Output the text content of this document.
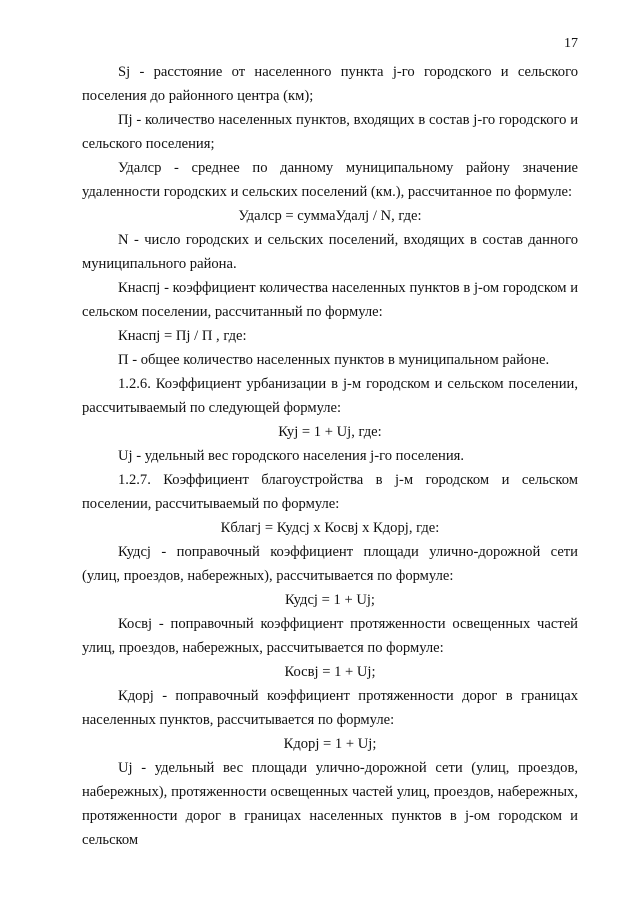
17

Sj - расстояние от населенного пункта j-го городского и сельского поселения до районного центра (км);

Пj - количество населенных пунктов, входящих в состав j-го городского и сельского поселения;

Удалср - среднее по данному муниципальному району значение удаленности городских и сельских поселений (км.), рассчитанное по формуле:

Удалср = суммаУдалj / N, где:

N - число городских и сельских поселений, входящих в состав данного муниципального района.

Кнаспj - коэффициент количества населенных пунктов в j-ом городском и сельском поселении, рассчитанный по формуле:

Кнаспj = Пj / П , где:

П - общее количество населенных пунктов в муниципальном районе.

1.2.6. Коэффициент урбанизации в j-м городском и сельском поселении, рассчитываемый по следующей формуле:

Куj = 1 + Uj, где:

Uj - удельный вес городского населения j-го поселения.

1.2.7. Коэффициент благоустройства в j-м городском и сельском поселении, рассчитываемый по формуле:

Кблагj = Кудсj x Косвj x Кдорj, где:

Кудсj - поправочный коэффициент площади улично-дорожной сети (улиц, проездов, набережных), рассчитывается по формуле:

Кудсj = 1 + Uj;

Косвj - поправочный коэффициент протяженности освещенных частей улиц, проездов, набережных, рассчитывается по формуле:

Косвj = 1 + Uj;

Кдорj - поправочный коэффициент протяженности дорог в границах населенных пунктов, рассчитывается по формуле:

Кдорj = 1 + Uj;

Uj - удельный вес площади улично-дорожной сети (улиц, проездов, набережных), протяженности освещенных частей улиц, проездов, набережных, протяженности дорог в границах населенных пунктов в j-ом городском и сельском
